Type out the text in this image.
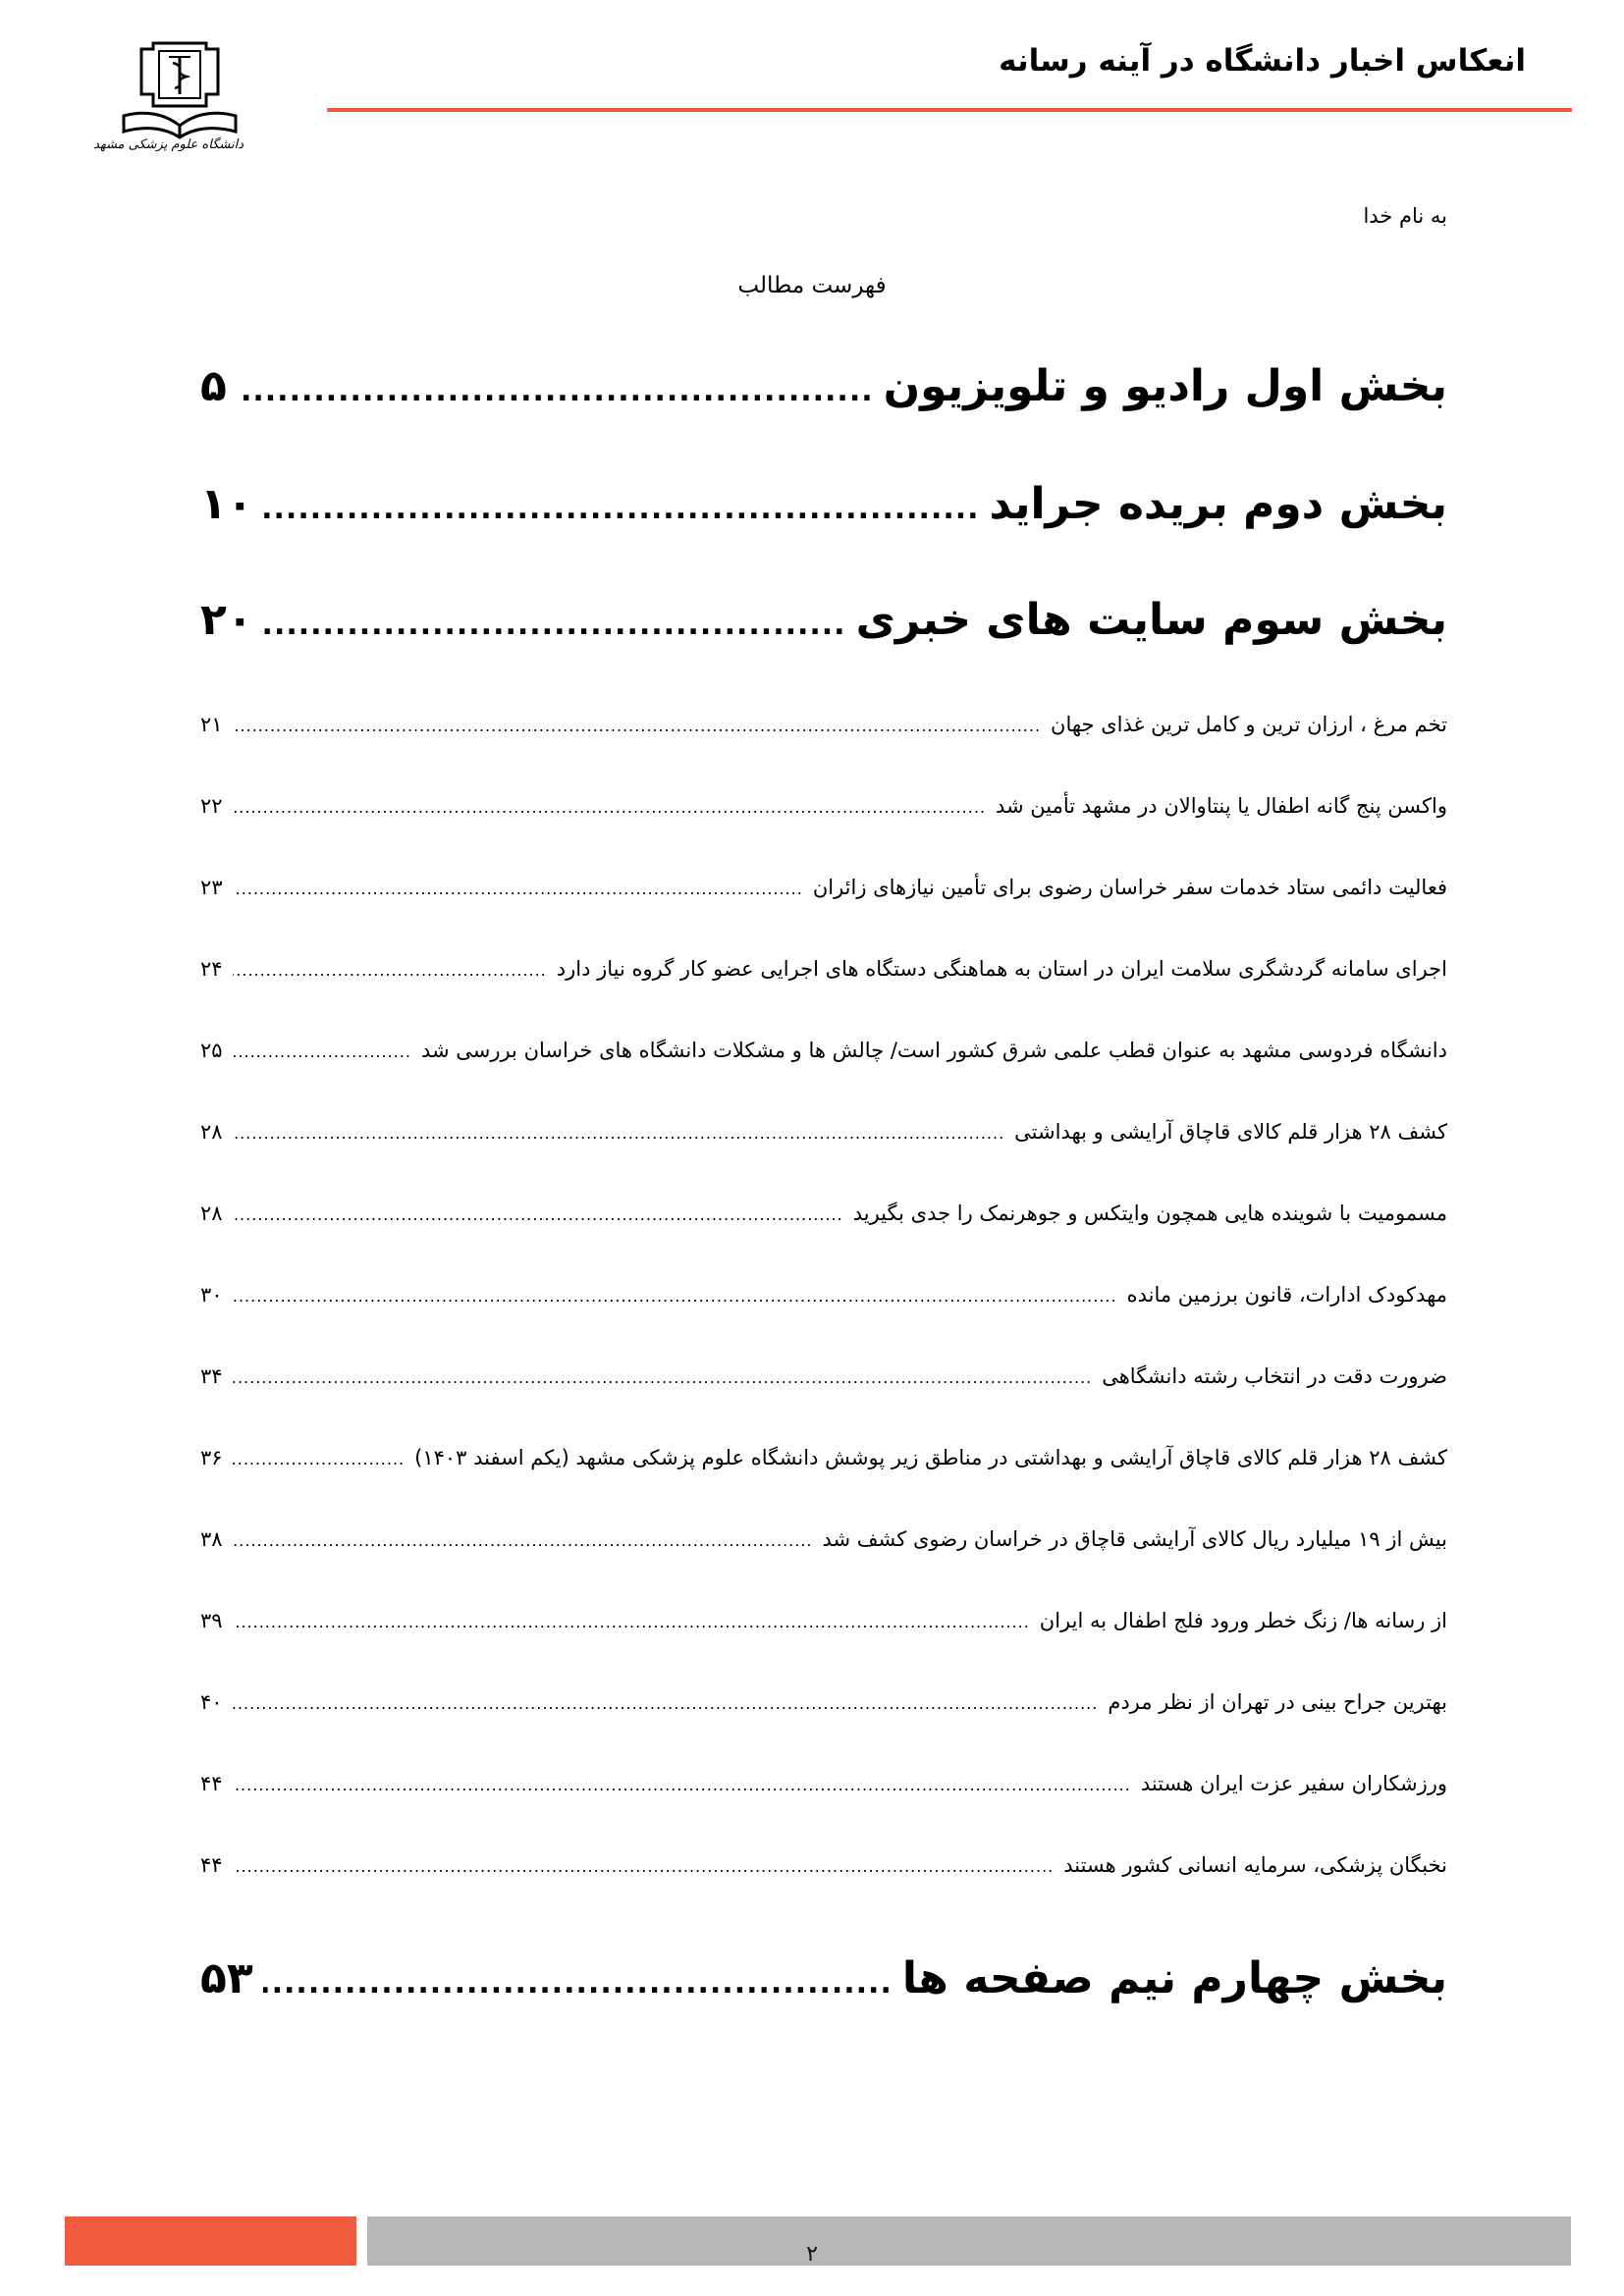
انعکاس اخبار دانشگاه در آینه رسانه
دانشگاه علوم پزشکی مشهد
به نام خدا
فهرست مطالب
بخش اول رادیو و تلویزیون
.....
۵
بخش دوم بریده جراید
.....
۱۰
بخش سوم سایت های خبری
.....
۲۰
تخم مرغ ، ارزان ترین و کامل ترین غذای جهان
.....
۲۱
واکسن پنج گانه اطفال یا پنتاوالان در مشهد تأمین شد
.....
۲۲
فعالیت دائمی ستاد خدمات سفر خراسان رضوی برای تأمین نیازهای زائران
.....
۲۳
اجرای سامانه گردشگری سلامت ایران در استان به هماهنگی دستگاه های اجرایی عضو کار گروه نیاز دارد
.....
۲۴
دانشگاه فردوسی مشهد به عنوان قطب علمی شرق کشور است/ چالش ها و مشکلات دانشگاه های خراسان بررسی شد
.....
۲۵
کشف ۲۸ هزار قلم کالای قاچاق آرایشی و بهداشتی
.....
۲۸
مسمومیت با شوینده هایی همچون وایتکس و جوهرنمک را جدی بگیرید
.....
۲۸
مهدکودک ادارات، قانون برزمین مانده
.....
۳۰
ضرورت دقت در انتخاب رشته دانشگاهی
.....
۳۴
کشف ۲۸ هزار قلم کالای قاچاق آرایشی و بهداشتی در مناطق زیر پوشش دانشگاه علوم پزشکی مشهد (یکم اسفند ۱۴۰۳)
.....
۳۶
بیش از ۱۹ میلیارد ریال کالای آرایشی قاچاق در خراسان رضوی کشف شد
.....
۳۸
از رسانه ها/ زنگ خطر ورود فلج اطفال به ایران
.....
۳۹
بهترین جراح بینی در تهران از نظر مردم
.....
۴۰
ورزشکاران سفیر عزت ایران هستند
.....
۴۴
نخبگان پزشکی، سرمایه انسانی کشور هستند
.....
۴۴
بخش چهارم نیم صفحه ها
.....
۵۳
۲
